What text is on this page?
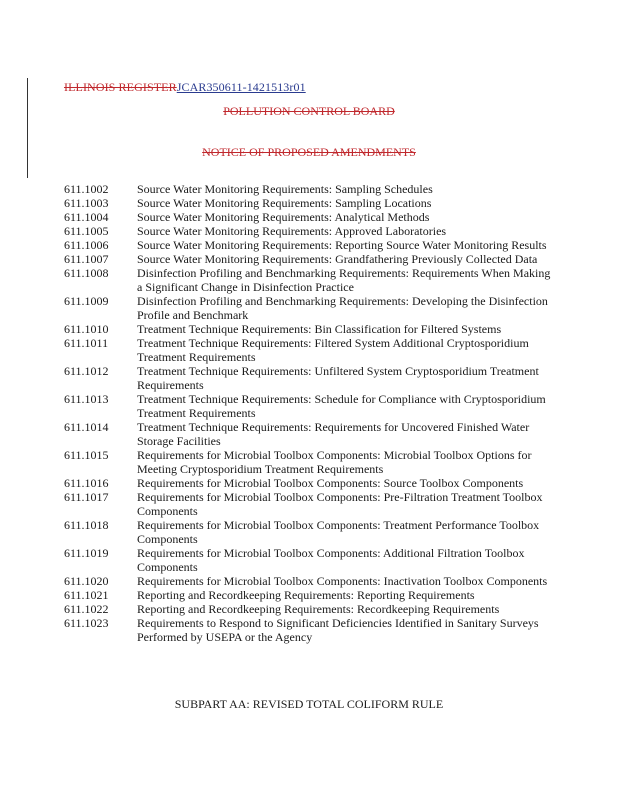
ILLINOIS REGISTERJCAR350611-1421513r01
POLLUTION CONTROL BOARD
NOTICE OF PROPOSED AMENDMENTS
611.1002	Source Water Monitoring Requirements: Sampling Schedules
611.1003	Source Water Monitoring Requirements: Sampling Locations
611.1004	Source Water Monitoring Requirements: Analytical Methods
611.1005	Source Water Monitoring Requirements: Approved Laboratories
611.1006	Source Water Monitoring Requirements: Reporting Source Water Monitoring Results
611.1007	Source Water Monitoring Requirements: Grandfathering Previously Collected Data
611.1008	Disinfection Profiling and Benchmarking Requirements: Requirements When Making a Significant Change in Disinfection Practice
611.1009	Disinfection Profiling and Benchmarking Requirements: Developing the Disinfection Profile and Benchmark
611.1010	Treatment Technique Requirements: Bin Classification for Filtered Systems
611.1011	Treatment Technique Requirements: Filtered System Additional Cryptosporidium Treatment Requirements
611.1012	Treatment Technique Requirements: Unfiltered System Cryptosporidium Treatment Requirements
611.1013	Treatment Technique Requirements: Schedule for Compliance with Cryptosporidium Treatment Requirements
611.1014	Treatment Technique Requirements: Requirements for Uncovered Finished Water Storage Facilities
611.1015	Requirements for Microbial Toolbox Components: Microbial Toolbox Options for Meeting Cryptosporidium Treatment Requirements
611.1016	Requirements for Microbial Toolbox Components: Source Toolbox Components
611.1017	Requirements for Microbial Toolbox Components: Pre-Filtration Treatment Toolbox Components
611.1018	Requirements for Microbial Toolbox Components: Treatment Performance Toolbox Components
611.1019	Requirements for Microbial Toolbox Components: Additional Filtration Toolbox Components
611.1020	Requirements for Microbial Toolbox Components: Inactivation Toolbox Components
611.1021	Reporting and Recordkeeping Requirements: Reporting Requirements
611.1022	Reporting and Recordkeeping Requirements: Recordkeeping Requirements
611.1023	Requirements to Respond to Significant Deficiencies Identified in Sanitary Surveys Performed by USEPA or the Agency
SUBPART AA: REVISED TOTAL COLIFORM RULE
